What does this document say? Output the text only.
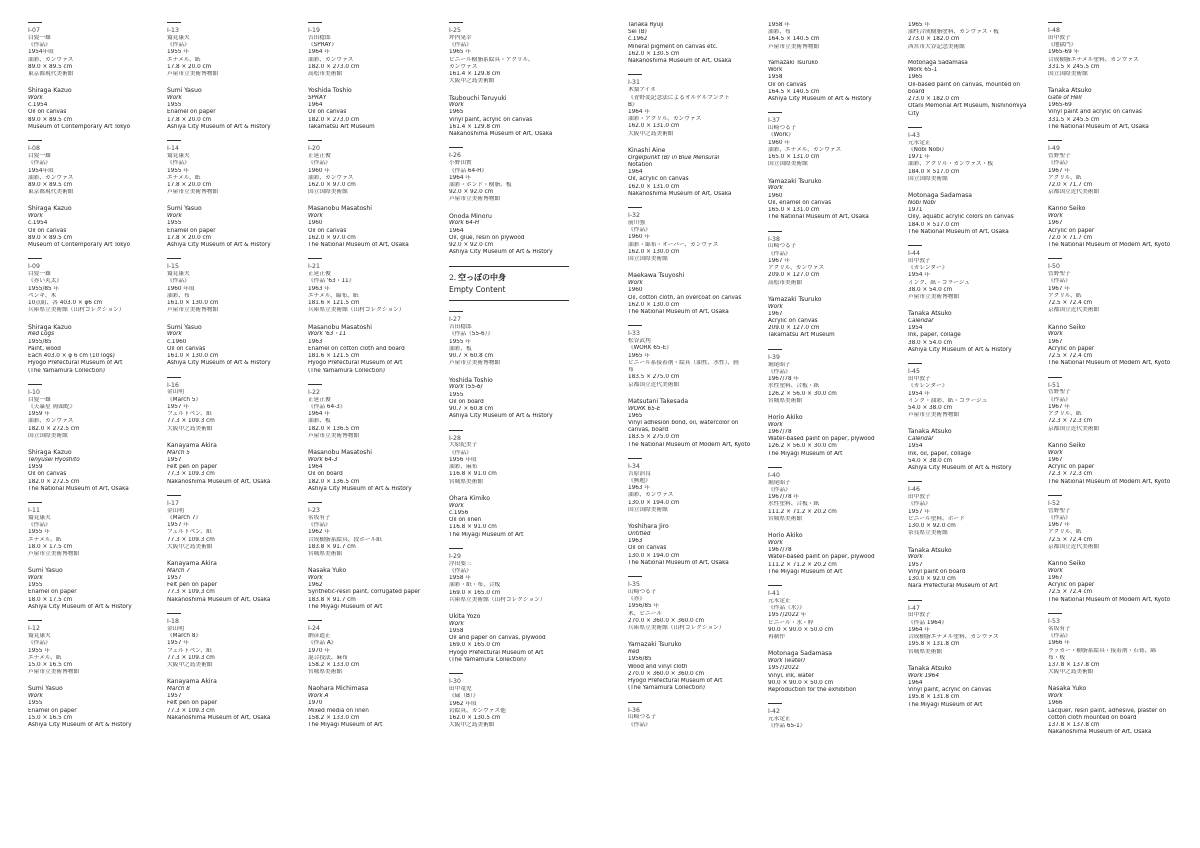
I-07
白髪一雄
《作品》
1954年頃
油彩、カンヴァス
89.0 × 89.5 cm
東京都現代美術館
Shiraga Kazuo
Work
c.1954
Oil on canvas
89.0 × 89.5 cm
Museum of Contemporary Art Tokyo
I-08
白髪一雄
《作品》
1954年頃
油彩、カンヴァス
89.0 × 89.5 cm
東京都現代美術館
Shiraga Kazuo
Work
c.1954
Oil on canvas
89.0 × 89.5 cm
Museum of Contemporary Art Tokyo
I-09
白髪一雄
《赤い丸太》
1955/85 年
ペンキ、木
10点組、各 403.0 × φ6 cm
兵庫県立美術館（山村コレクション）
Shiraga Kazuo
Red Logs
1955/85
Paint, wood
Each 403.0 × φ 6 cm (10 logs)
Hyogo Prefectural Museum of Art
(The Yamamura Collection)
I-10
白髪一雄
《天暴星 両頭蛇》
1959 年
油彩、カンヴァス
182.0 × 272.5 cm
国立国際美術館
Shiraga Kazuo
Tenyusei Hyoshito
1959
Oil on canvas
182.0 × 272.5 cm
The National Museum of Art, Osaka
I-11
鷲見康夫
《作品》
1955 年
エナメル、紙
18.0 × 17.5 cm
芦屋市立美術博物館
Sumi Yasuo
Work
1955
Enamel on paper
18.0 × 17.5 cm
Ashiya City Museum of Art & History
I-12
鷲見康夫
《作品》
1955 年
エナメル、紙
15.0 × 16.5 cm
芦屋市立美術博物館
Sumi Yasuo
Work
1955
Enamel on paper
15.0 × 16.5 cm
Ashiya City Museum of Art & History
I-13
鷲見康夫
《作品》
1955 年
エナメル、紙
17.8 × 20.0 cm
芦屋市立美術博物館
Sumi Yasuo
Work
1955
Enamel on paper
17.8 × 20.0 cm
Ashiya City Museum of Art & History
I-14
鷲見康夫
《作品》
1955 年
エナメル、紙
17.8 × 20.0 cm
芦屋市立美術博物館
Sumi Yasuo
Work
1955
Enamel on paper
17.8 × 20.0 cm
Ashiya City Museum of Art & History
I-15
鷲見康夫
《作品》
1960 年頃
油彩、布
161.0 × 130.0 cm
芦屋市立美術博物館
Sumi Yasuo
Work
c.1960
Oil on canvas
161.0 × 130.0 cm
Ashiya City Museum of Art & History
I-16
金山明
《March 5》
1957 年
フェルトペン、紙
77.3 × 109.3 cm
大阪中之島美術館
Kanayama Akira
March 5
1957
Felt pen on paper
77.3 × 109.3 cm
Nakanoshima Museum of Art, Osaka
I-17
金山明
《March 7》
1957 年
フェルトペン、紙
77.3 × 109.3 cm
大阪中之島美術館
Kanayama Akira
March 7
1957
Felt pen on paper
77.3 × 109.3 cm
Nakanoshima Museum of Art, Osaka
I-18
金山明
《March 8》
1957 年
フェルトペン、紙
77.3 × 109.3 cm
大阪中之島美術館
Kanayama Akira
March 8
1957
Felt pen on paper
77.3 × 109.3 cm
Nakanoshima Museum of Art, Osaka
I-19
吉田稔郎
《SPRAY》
1964 年
油彩、カンヴァス
182.0 × 273.0 cm
高松市美術館
Yoshida Toshio
SPRAY
1964
Oil on canvas
182.0 × 273.0 cm
Takamatsu Art Museum
I-20
正延正俊
《作品》
1960 年
油彩、カンヴァス
162.0 × 97.0 cm
国立国際美術館
Masanobu Masatoshi
Work
1960
Oil on canvas
162.0 × 97.0 cm
The National Museum of Art, Osaka
I-21
正延正俊
《作品 '63・11》
1963 年
エナメル、綿布、紙
181.6 × 121.5 cm
兵庫県立美術館（山村コレクション）
Masanobu Masatoshi
Work '63・11
1963
Enamel on cotton cloth and board
181.6 × 121.5 cm
Hyogo Prefectural Museum of Art
(The Yamamura Collection)
I-22
正延正俊
《作品 64-3》
1964 年
油彩、板
182.0 × 136.5 cm
芦屋市立美術博物館
Masanobu Masatoshi
Work 64-3
1964
Oil on board
182.0 × 136.5 cm
Ashiya City Museum of Art & History
I-23
名坂有子
《作品》
1962 年
合成樹脂系絵具、段ボール紙
183.8 × 91.7 cm
宮城県美術館
Nasaka Yuko
Work
1962
Synthetic-resin paint, corrugated paper
183.8 × 91.7 cm
The Miyagi Museum of Art
I-24
納彦道正
《作品 A》
1970 年
混合技法、麻布
158.2 × 133.0 cm
宮城県美術館
Naohara Michimasa
Work A
1970
Mixed media on linen
158.2 × 133.0 cm
The Miyagi Museum of Art
I-25
坪内晃幸
《作品》
1965 年
ビニール樹脂系絵具・アクリル、
カンヴァス
161.4 × 129.8 cm
大阪中之島美術館
Tsubouchi Teruyuki
Work
1965
Vinyl paint, acrylic on canvas
161.4 × 129.8 cm
Nakanoshima Museum of Art, Osaka
I-26
小野田實
《作品 64-H》
1964 年
油彩・ボンド・樹脂、板
92.0 × 92.0 cm
芦屋市立美術博物館
Onoda Minoru
Work 64-H
1964
Oil, glue, resin on plywood
92.0 × 92.0 cm
Ashiya City Museum of Art & History
2. 空っぽの中身
Empty Content
I-27
吉田稔郎
《作品（55-6）》
1955 年
油彩、板
90.7 × 60.8 cm
芦屋市立美術博物館
Yoshida Toshio
Work (55-6)
1955
Oil on board
90.7 × 60.8 cm
Ashiya City Museum of Art & History
I-28
大原紀美子
《作品》
1956 年頃
油彩、麻布
116.8 × 91.0 cm
宮城県美術館
Ohara Kimiko
Work
c.1956
Oil on linen
116.8 × 91.0 cm
The Miyagi Museum of Art
I-29
浮田要三
《作品》
1958 年
油彩・紙・布、合板
169.0 × 165.0 cm
兵庫県立美術館（山村コレクション）
Ukita Yozo
Work
1958
Oil and paper on canvas, plywood
169.0 × 165.0 cm
Hyogo Prefectural Museum of Art
(The Yamamura Collection)
I-30
田中竜児
《碌（B）》
1962 年頃
岩絵具、カンヴァス他
162.0 × 130.5 cm
大阪中之島美術館
Tanaka Ryuji
Sei (B)
c.1962
Mineral pigment on canvas etc.
162.0 × 130.5 cm
Nakanoshima Museum of Art, Osaka
I-31
木梨アイネ
《青野変記念法によるオルゲルプンクト
B》
1964 年
油彩・アクリル、カンヴァス
162.0 × 131.0 cm
大阪中之島美術館
Kinashi Aine
Orgelpunkt (B) in Blue Mensural
Notation
1964
Oil, acrylic on canvas
162.0 × 131.0 cm
Nakanoshima Museum of Art, Osaka
I-32
前川強
《作品》
1960 年
油彩・綿布・オーバー、カンヴァス
162.0 × 130.0 cm
国立国際美術館
Maekawa Tsuyoshi
Work
1960
Oil, cotton cloth, an overcoat on canvas
162.0 × 130.0 cm
The National Museum of Art, Osaka
I-33
松谷武判
《WORK 65-E》
1965 年
ビニール系接着剤・絵具（油性、水性）、画
布
183.5 × 275.0 cm
京都国立近代美術館
Matsutani Takesada
WORK 65-E
1965
Vinyl adhesion bond, oil, watercolor on
canvas, board
183.5 × 275.0 cm
The National Museum of Modern Art, Kyoto
I-34
吉原治良
《無題》
1963 年
油彩、カンヴァス
130.0 × 194.0 cm
国立国際美術館
Yoshihara Jiro
Untitled
1963
Oil on canvas
130.0 × 194.0 cm
The National Museum of Art, Osaka
I-35
山崎つる子
《赤》
1956/85 年
木、ビニール
270.0 × 360.0 × 360.0 cm
兵庫県立美術館（山村コレクション）
Yamazaki Tsuruko
Red
1956/85
Wood and vinyl cloth
270.0 × 360.0 × 360.0 cm
Hyogo Prefectural Museum of Art
(The Yamamura Collection)
I-36
山崎つる子
《作品》
1958 年
油彩、布
164.5 × 140.5 cm
芦屋市立美術博物館
Yamazaki Tsuruko
Work
1958
Oil on canvas
164.5 × 140.5 cm
Ashiya City Museum of Art & History
I-37
山崎つる子
《Work》
1960 年
油彩、エナメル、カンヴァス
165.0 × 131.0 cm
国立国際美術館
Yamazaki Tsuruko
Work
1960
Oil, enamel on canvas
165.0 × 131.0 cm
The National Museum of Art, Osaka
I-38
山崎つる子
《作品》
1967 年
アクリル、カンヴァス
209.0 × 127.0 cm
高松市美術館
Yamazaki Tsuruko
Work
1967
Acrylic on canvas
209.0 × 127.0 cm
Takamatsu Art Museum
I-39
堀尾昭子
《作品》
1967/78 年
水性塗料、合板・紙
126.2 × 56.0 × 30.0 cm
宮城県美術館
Horio Akiko
Work
1967/78
Water-based paint on paper, plywood
126.2 × 56.0 × 30.0 cm
The Miyagi Museum of Art
I-40
堀尾昭子
《作品》
1967/78 年
水性塗料、合板・紙
111.2 × 71.2 × 20.2 cm
宮城県美術館
Horio Akiko
Work
1967/78
Water-based paint on paper, plywood
111.2 × 71.2 × 20.2 cm
The Miyagi Museum of Art
I-41
元永定正
《作品（水）》
1957/2022 年
ビニール・水・粋
90.0 × 90.0 × 50.0 cm
再制作
Motonaga Sadamasa
Work (water)
1957/2022
Vinyl, ink, water
90.0 × 90.0 × 50.0 cm
Reproduction for the exhibition
I-42
元永定正
《作品 65-1》
1965 年
油性合成樹脂塗料、カンヴァス・板
273.0 × 182.0 cm
西宮市大谷記念美術館
Motonaga Sadamasa
Work 65-1
1965
Oil-based paint on canvas, mounted on
board
273.0 × 182.0 cm
Otani Memorial Art Museum, Nishinomiya
City
I-43
元永定正
《Nobi Nobi》
1971 年
油彩、アクリル・カンヴァス・板
184.0 × 517.0 cm
国立国際美術館
Motonaga Sadamasa
Nobi Nobi
1971
Oily, aquatic acrylic colors on canvas
184.0 × 517.0 cm
The National Museum of Art, Osaka
I-44
田中敦子
《カレンダー》
1954 年
インク、紙・コラージュ
38.0 × 54.0 cm
芦屋市立美術博物館
Tanaka Atsuko
Calendar
1954
Ink, paper, collage
38.0 × 54.0 cm
Ashiya City Museum of Art & History
I-45
田中敦子
《カレンダー》
1954 年
インク・油彩、紙・コラージュ
54.0 × 38.0 cm
芦屋市立美術博物館
Tanaka Atsuko
Calendar
1954
Ink, oil, paper, collage
54.0 × 38.0 cm
Ashiya City Museum of Art & History
I-46
田中敦子
《作品》
1957 年
ビニール塗料、ボード
130.0 × 92.0 cm
奈良県立美術館
Tanaka Atsuko
Work
1957
Vinyl paint on board
130.0 × 92.0 cm
Nara Prefectural Museum of Art
I-47
田中敦子
《作品 1964》
1964 年
合成樹脂エナメル塗料、カンヴァス
195.8 × 131.8 cm
宮城県美術館
Tanaka Atsuko
Work 1964
1964
Vinyl paint, acrylic on canvas
195.8 × 131.8 cm
The Miyagi Museum of Art
I-48
田中敦子
《地獄門》
1965-69 年
合成樹脂エナメル塗料、カンヴァス
331.5 × 245.5 cm
国立国際美術館
Tanaka Atsuko
Gate of Hell
1965-69
Vinyl paint and acrylic on canvas
331.5 × 245.5 cm
The National Museum of Art, Osaka
I-49
菅野聖子
《作品》
1967 年
アクリル、紙
72.0 × 71.7 cm
京都国立近代美術館
Kanno Seiko
Work
1967
Acrylic on paper
72.0 × 71.7 cm
The National Museum of Modern Art, Kyoto
I-50
菅野聖子
《作品》
1967 年
アクリル、紙
72.5 × 72.4 cm
京都国立近代美術館
Kanno Seiko
Work
1967
Acrylic on paper
72.5 × 72.4 cm
The National Museum of Modern Art, Kyoto
I-51
菅野聖子
《作品》
1967 年
アクリル、紙
72.3 × 72.3 cm
京都国立近代美術館
Kanno Seiko
Work
1967
Acrylic on paper
72.3 × 72.3 cm
The National Museum of Modern Art, Kyoto
I-52
菅野聖子
《作品》
1967 年
アクリル、紙
72.5 × 72.4 cm
京都国立近代美術館
Kanno Seiko
Work
1967
Acrylic on paper
72.5 × 72.4 cm
The National Museum of Modern Art, Kyoto
I-53
名坂有子
《作品》
1966 年
ラッカー・樹脂系絵具・接着剤・石膏、綿
布・板
137.8 × 137.8 cm
大阪中之島美術館
Nasaka Yuko
Work
1966
Lacquer, resin paint, adhesive, plaster on
cotton cloth mounted on board
137.8 × 137.8 cm
Nakanoshima Museum of Art, Osaka
